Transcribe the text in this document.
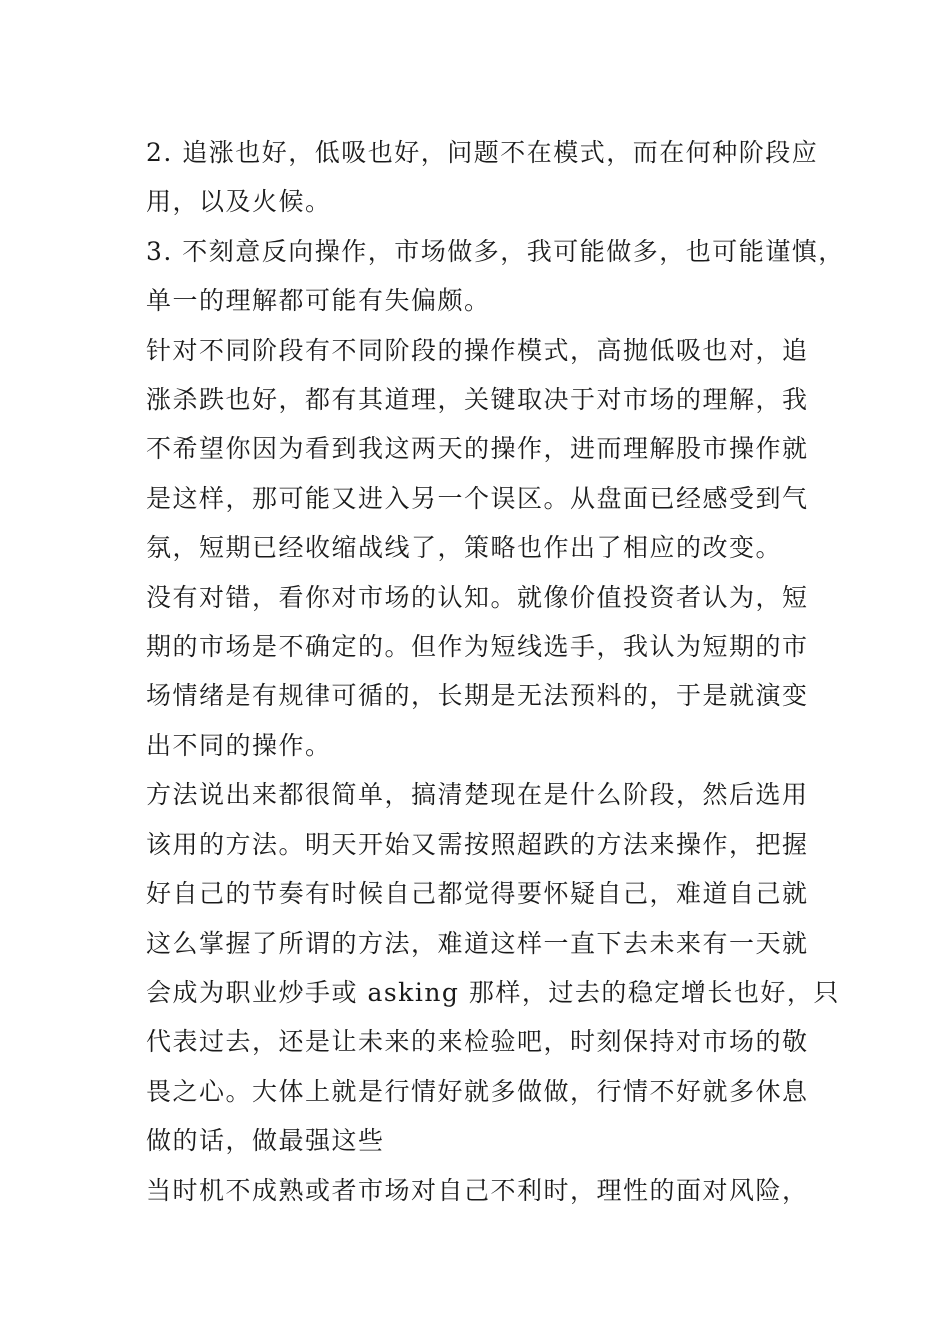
2. 追涨也好，低吸也好，问题不在模式，而在何种阶段应
用，以及火候。

3. 不刻意反向操作，市场做多，我可能做多，也可能谨慎，
单一的理解都可能有失偏颇。

针对不同阶段有不同阶段的操作模式，高抛低吸也对，追
涨杀跌也好，都有其道理，关键取决于对市场的理解，我
不希望你因为看到我这两天的操作，进而理解股市操作就
是这样，那可能又进入另一个误区。从盘面已经感受到气
氛，短期已经收缩战线了，策略也作出了相应的改变。

没有对错，看你对市场的认知。就像价值投资者认为，短
期的市场是不确定的。但作为短线选手，我认为短期的市
场情绪是有规律可循的，长期是无法预料的，于是就演变
出不同的操作。

方法说出来都很简单，搞清楚现在是什么阶段，然后选用
该用的方法。明天开始又需按照超跌的方法来操作，把握
好自己的节奏有时候自己都觉得要怀疑自己，难道自己就
这么掌握了所谓的方法，难道这样一直下去未来有一天就
会成为职业炒手或 asking 那样，过去的稳定增长也好，只
代表过去，还是让未来的来检验吧，时刻保持对市场的敬
畏之心。大体上就是行情好就多做做，行情不好就多休息
做的话，做最强这些

当时机不成熟或者市场对自己不利时，理性的面对风险，
